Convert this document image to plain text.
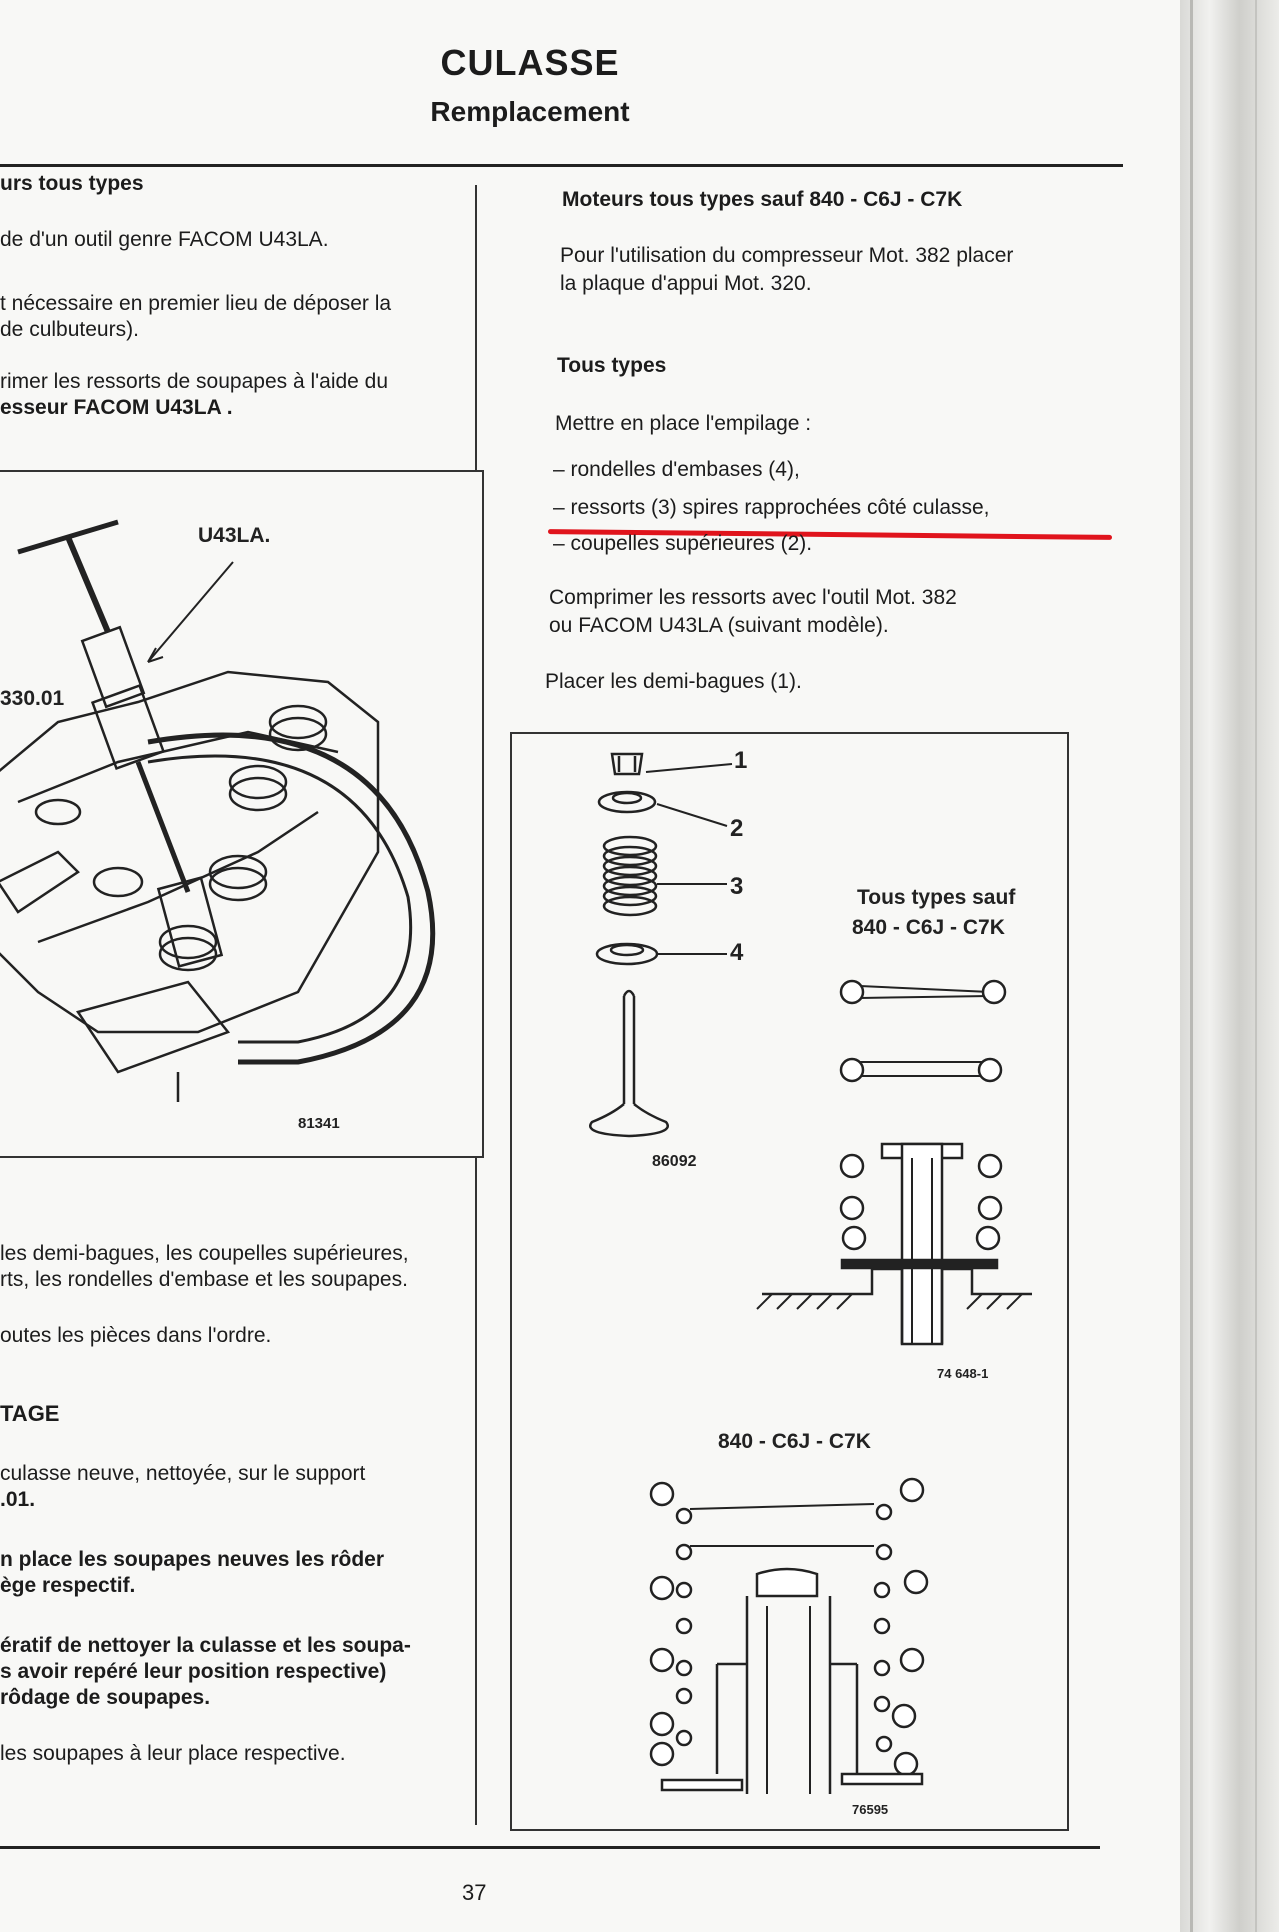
CULASSE
Remplacement
urs tous types
de d'un outil genre FACOM U43LA.
t nécessaire en premier lieu de déposer la
de culbuteurs).
rimer les ressorts de soupapes à l'aide du
esseur FACOM U43LA .
U43LA.
330.01
81341
les demi-bagues, les coupelles supérieures,
rts, les rondelles d'embase et les soupapes.
outes les pièces dans l'ordre.
TAGE
culasse neuve, nettoyée, sur le support
.01.
n place les soupapes neuves les rôder
ège respectif.
ératif de nettoyer la culasse et les soupa-
s avoir repéré leur position respective)
rôdage de soupapes.
les soupapes à leur place respective.
Moteurs tous types sauf 840 - C6J - C7K
Pour l'utilisation du compresseur Mot. 382 placer
la plaque d'appui Mot. 320.
Tous types
Mettre en place l'empilage :
– rondelles d'embases (4),
– ressorts (3) spires rapprochées côté culasse,
– coupelles supérieures (2).
Comprimer les ressorts avec l'outil Mot. 382
ou FACOM U43LA (suivant modèle).
Placer les demi-bagues (1).
1
2
3
4
86092
Tous types sauf
840 - C6J - C7K
74 648-1
840 - C6J - C7K
76595
37
